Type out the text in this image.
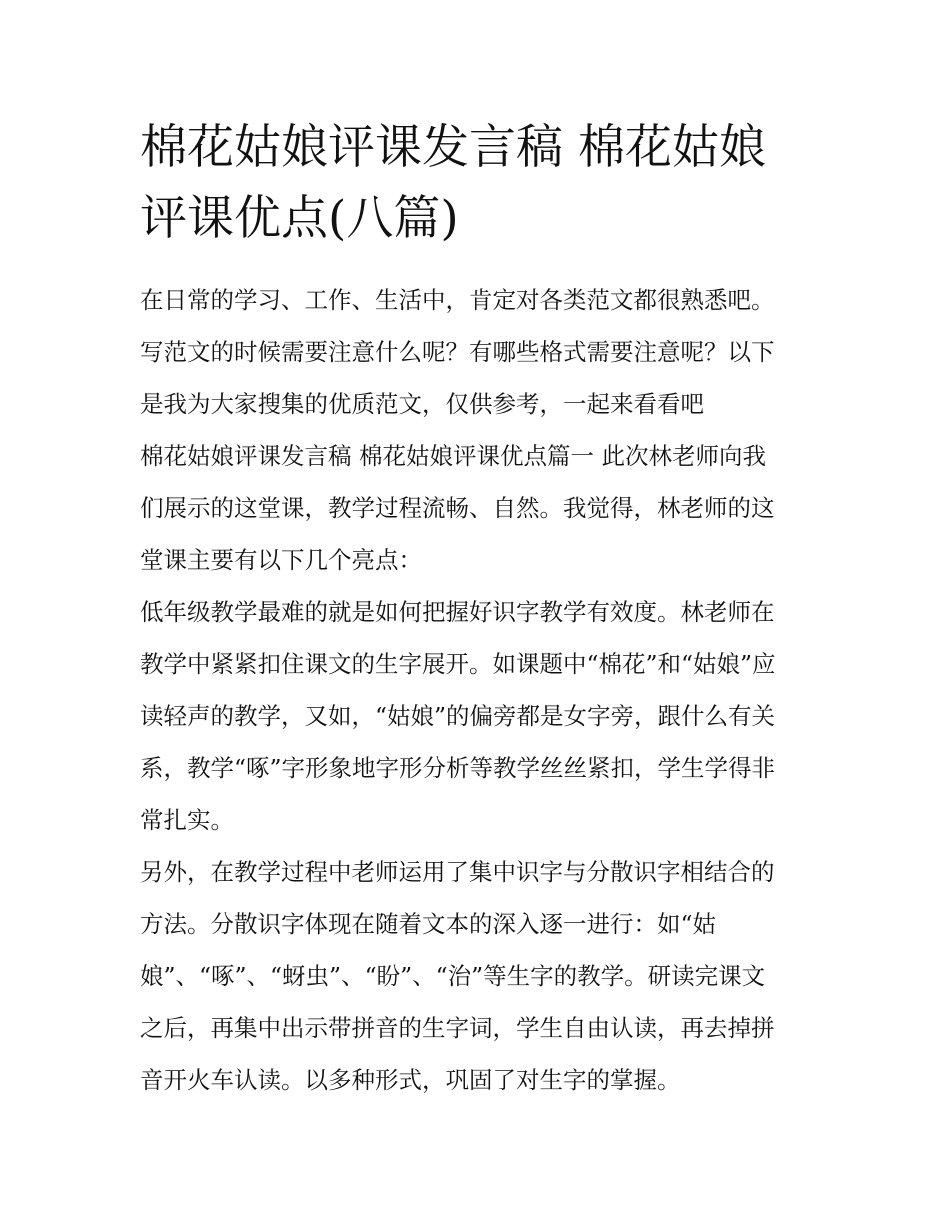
棉花姑娘评课发言稿 棉花姑娘
评课优点(八篇)
在日常的学习、工作、生活中，肯定对各类范文都很熟悉吧。
写范文的时候需要注意什么呢？有哪些格式需要注意呢？以下
是我为大家搜集的优质范文，仅供参考，一起来看看吧
棉花姑娘评课发言稿 棉花姑娘评课优点篇一 此次林老师向我
们展示的这堂课，教学过程流畅、自然。我觉得，林老师的这
堂课主要有以下几个亮点：
低年级教学最难的就是如何把握好识字教学有效度。林老师在
教学中紧紧扣住课文的生字展开。如课题中“棉花”和“姑娘”应
读轻声的教学，又如，“姑娘”的偏旁都是女字旁，跟什么有关
系，教学“啄”字形象地字形分析等教学丝丝紧扣，学生学得非
常扎实。
另外，在教学过程中老师运用了集中识字与分散识字相结合的
方法。分散识字体现在随着文本的深入逐一进行：如“姑
娘”、“啄”、“蚜虫”、“盼”、“治”等生字的教学。研读完课文
之后，再集中出示带拼音的生字词，学生自由认读，再去掉拼
音开火车认读。以多种形式，巩固了对生字的掌握。
